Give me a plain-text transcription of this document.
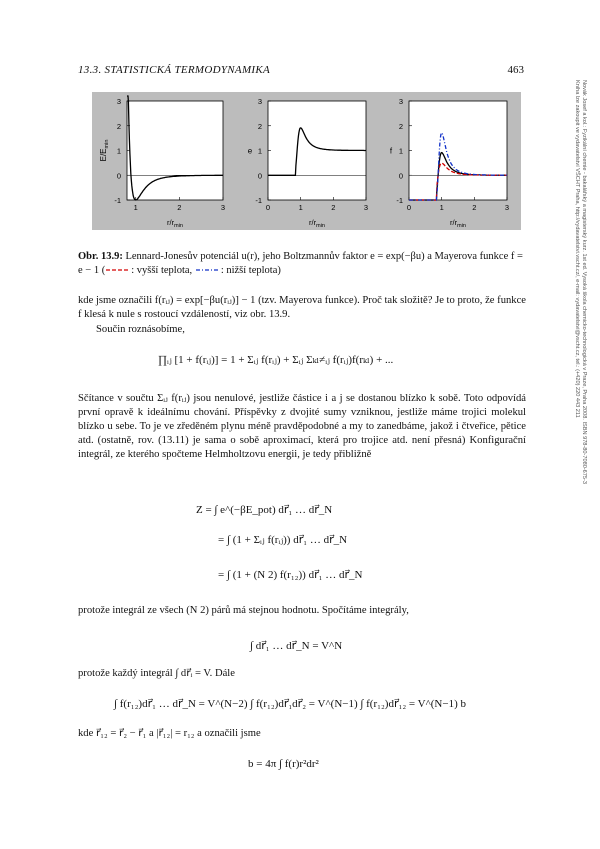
13.3. STATISTICKÁ TERMODYNAMIKA	463
3
2
1
0
-1
1	2	3
$r/r_{min}$
$E/E_{min}$
3
2
1
0
-1
0	1	2	3
$r/r_{min}$
e
3
2
1
0
-1
0	1	2	3
$r/r_{min}$
f
Obr. 13.9: Lennard-Jonesův potenciál u(r), jeho Boltzmannův faktor e = exp(−βu) a Mayerova funkce f = e − 1 ( : vyšší teplota, : nižší teplota)
kde jsme označili f(rᵢⱼ) = exp[−βu(rᵢⱼ)] − 1 (tzv. Mayerova funkce). Proč tak složitě? Je to proto, že funkce f klesá k nule s rostoucí vzdáleností, viz obr. 13.9.
Součin roznásobíme,
∏ᵢⱼ [1 + f(rᵢⱼ)] = 1 + Σᵢⱼ f(rᵢⱼ) + Σᵢⱼ Σₖₗ≠ᵢⱼ f(rᵢⱼ)f(rₖₗ) + ...
Sčítance v součtu Σᵢⱼ f(rᵢⱼ) jsou nenulové, jestliže částice i a j se dostanou blízko k sobě. Toto odpovídá první opravě k ideálnímu chování. Příspěvky z dvojité sumy vzniknou, jestliže máme trojici molekul blízko u sebe. To je ve zředěném plynu méně pravděpodobné a my to zanedbáme, jakož i čtveřice, pětice atd. (ostatně, rov. (13.11) je sama o sobě aproximací, která pro trojice atd. není přesná) Konfigurační integrál, ze kterého spočteme Helmholtzovu energii, je tedy přibližně
Z = ∫ e^(−βE_pot) dr⃗₁ … dr⃗_N
= ∫ (1 + Σᵢⱼ f(rᵢⱼ)) dr⃗₁ … dr⃗_N
= ∫ (1 + (N 2) f(r₁₂)) dr⃗₁ … dr⃗_N
protože integrál ze všech (N 2) párů má stejnou hodnotu. Spočítáme integrály,
∫ dr⃗₁ … dr⃗_N = V^N
protože každý integrál ∫ dr⃗ᵢ = V. Dále
∫ f(r₁₂)dr⃗₁ … dr⃗_N = V^(N−2) ∫ f(r₁₂)dr⃗₁dr⃗₂ = V^(N−1) ∫ f(r₁₂)dr⃗₁₂ = V^(N−1) b
kde r⃗₁₂ = r⃗₂ − r⃗₁ a |r⃗₁₂| = r₁₂ a označili jsme
b = 4π ∫ f(r)r²dr²
Novák Josef a kol.: Fyzikální chemie - bakalářský a magisterský kurz. 1st ed. Vysoká škola chemicko-technologická v Praze, Praha 2008. ISBN 978-80-7080-675-3
Kniha lze zakoupit ve vydavatelství VŠCHT Praha, http://vydavatelstvi.vscht.cz/, e-mail: vydavatelstvi@vscht.cz, tel.: (+420) 220 443 211
